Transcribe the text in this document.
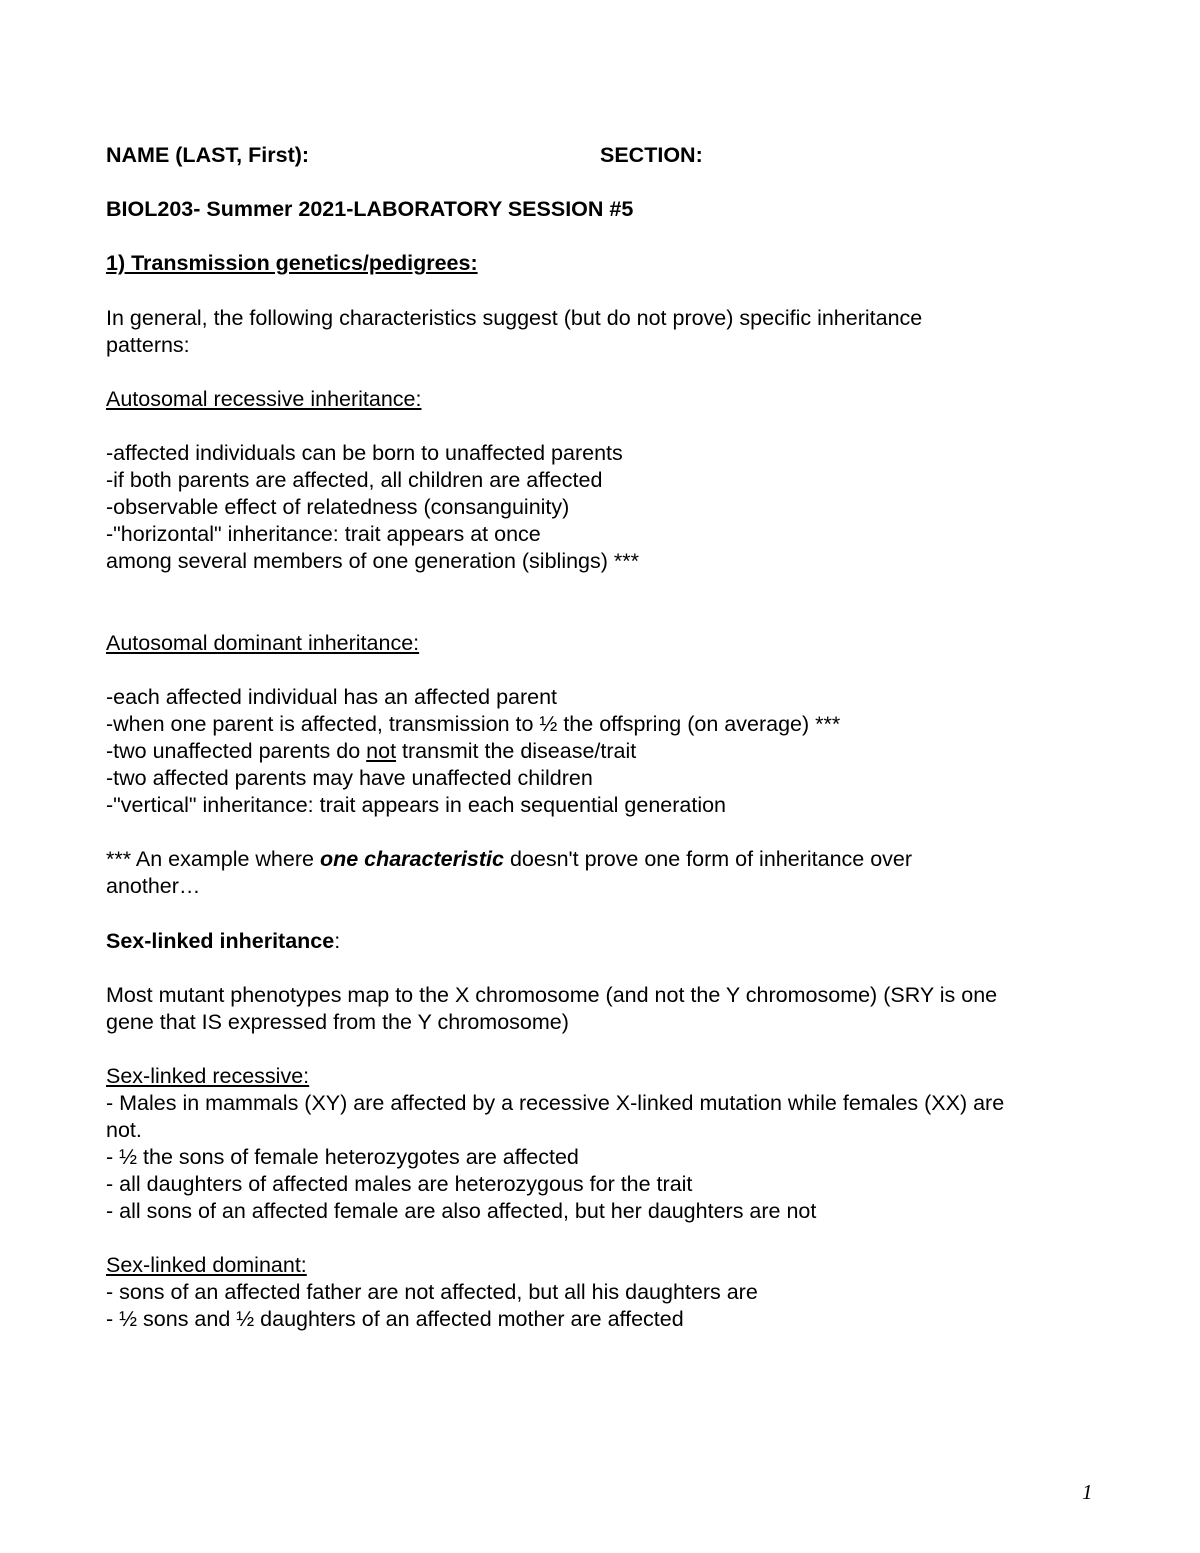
NAME (LAST, First):	SECTION:

BIOL203- Summer 2021-LABORATORY SESSION #5

1) Transmission genetics/pedigrees:

In general, the following characteristics suggest (but do not prove) specific inheritance

patterns:

Autosomal recessive inheritance:

-affected individuals can be born to unaffected parents

-if both parents are affected, all children are affected

-observable effect of relatedness (consanguinity)

-"horizontal" inheritance: trait appears at once

among several members of one generation (siblings) ***

Autosomal dominant inheritance:

-each affected individual has an affected parent

-when one parent is affected, transmission to ½ the offspring (on average) ***

-two unaffected parents do not transmit the disease/trait

-two affected parents may have unaffected children

-"vertical" inheritance: trait appears in each sequential generation

*** An example where one characteristic doesn't prove one form of inheritance over

another…

Sex-linked inheritance:

Most mutant phenotypes map to the X chromosome (and not the Y chromosome) (SRY is one

gene that IS expressed from the Y chromosome)

Sex-linked recessive:

- Males in mammals (XY) are affected by a recessive X-linked mutation while females (XX) are

not.

- ½ the sons of female heterozygotes are affected

- all daughters of affected males are heterozygous for the trait

- all sons of an affected female are also affected, but her daughters are not

Sex-linked dominant:

- sons of an affected father are not affected, but all his daughters are

- ½ sons and ½ daughters of an affected mother are affected

1
